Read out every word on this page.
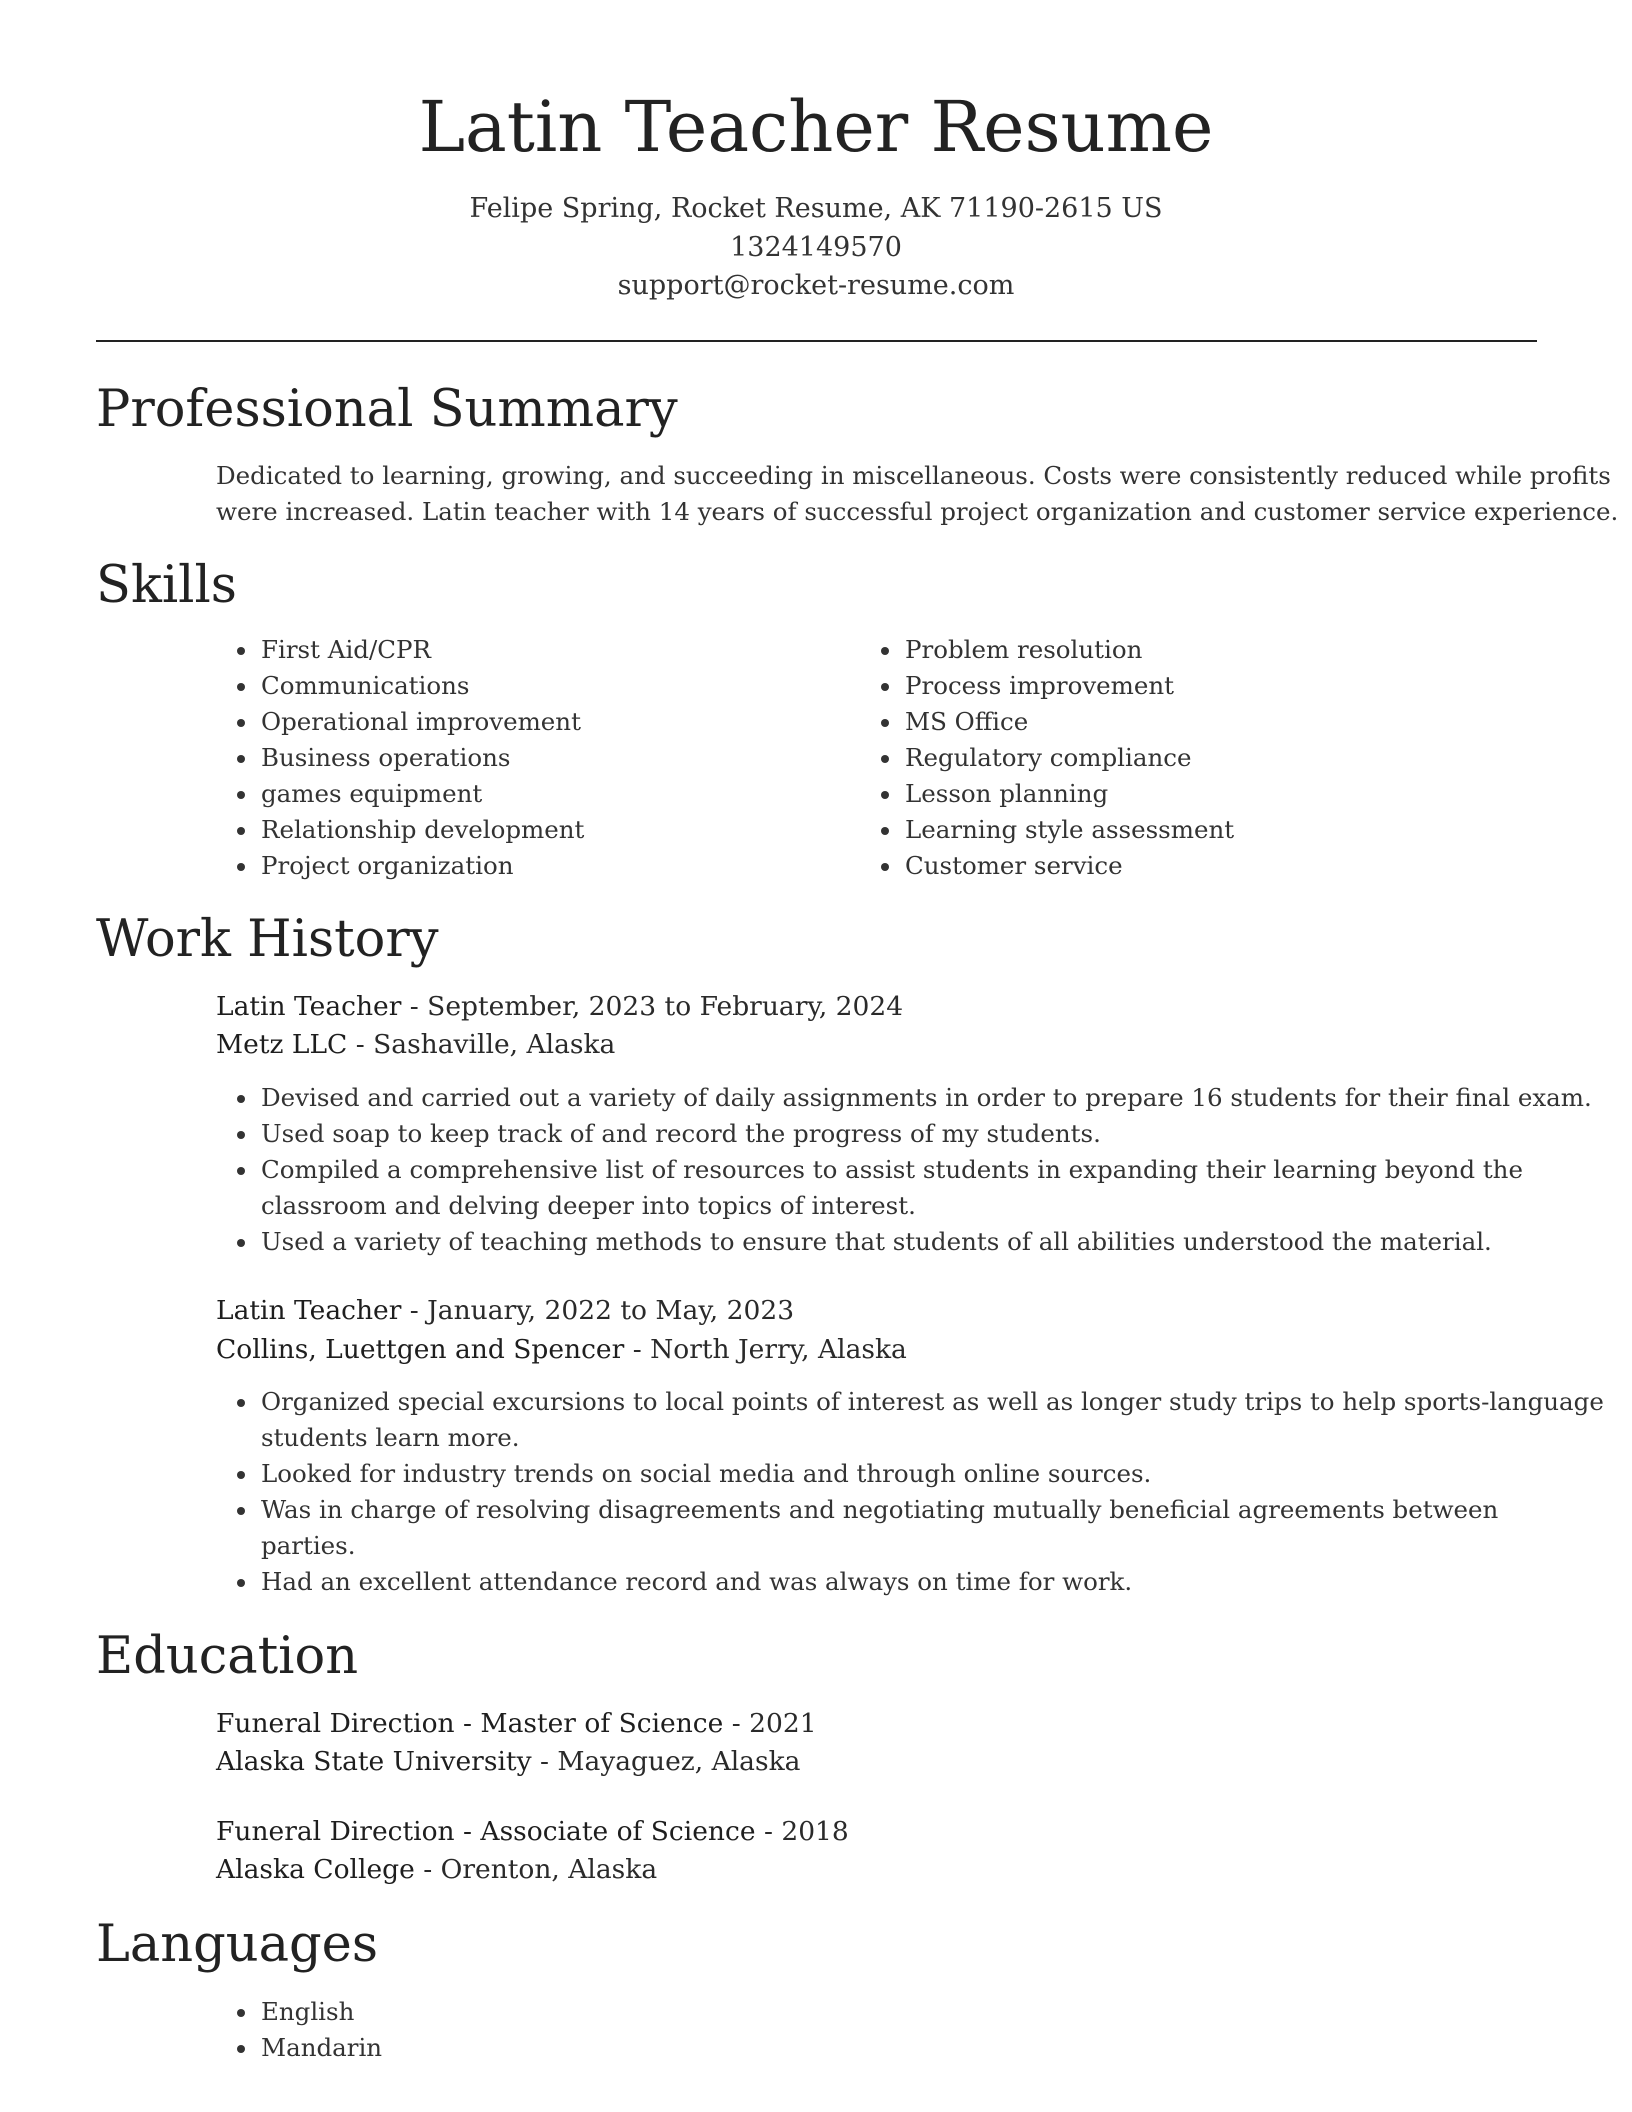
Latin Teacher Resume
Felipe Spring, Rocket Resume, AK 71190-2615 US
1324149570
support@rocket-resume.com
Professional Summary

Dedicated to learning, growing, and succeeding in miscellaneous. Costs were consistently reduced while profits

were increased. Latin teacher with 14 years of successful project organization and customer service experience.

Skills
• First Aid/CPR
• Communications
• Operational improvement
• Business operations
• games equipment
• Relationship development
• Project organization
• Problem resolution
• Process improvement
• MS Office
• Regulatory compliance
• Lesson planning
• Learning style assessment
• Customer service
Work History
Latin Teacher - September, 2023 to February, 2024
Metz LLC - Sashaville, Alaska
• Devised and carried out a variety of daily assignments in order to prepare 16 students for their final exam.
• Used soap to keep track of and record the progress of my students.
• Compiled a comprehensive list of resources to assist students in expanding their learning beyond the
classroom and delving deeper into topics of interest.
• Used a variety of teaching methods to ensure that students of all abilities understood the material.
Latin Teacher - January, 2022 to May, 2023
Collins, Luettgen and Spencer - North Jerry, Alaska
• Organized special excursions to local points of interest as well as longer study trips to help sports-language
students learn more.
• Looked for industry trends on social media and through online sources.
• Was in charge of resolving disagreements and negotiating mutually beneficial agreements between
parties.
• Had an excellent attendance record and was always on time for work.
Education
Funeral Direction - Master of Science - 2021
Alaska State University - Mayaguez, Alaska
Funeral Direction - Associate of Science - 2018
Alaska College - Orenton, Alaska
Languages
• English
• Mandarin
